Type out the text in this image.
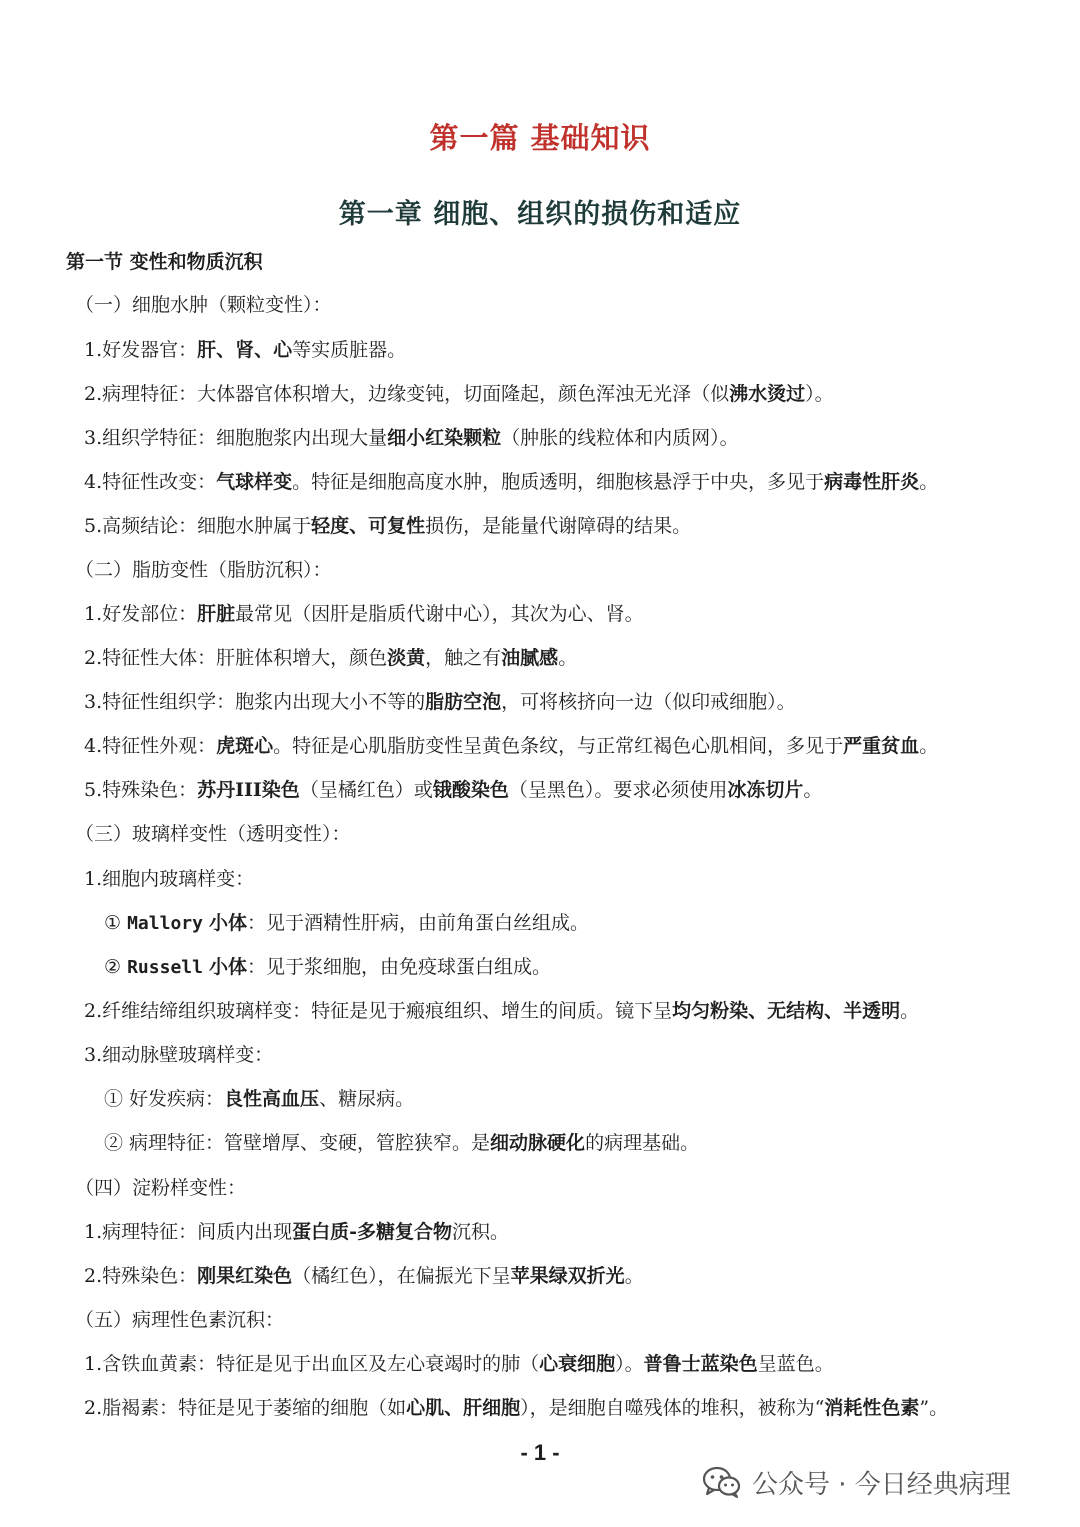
第一篇 基础知识
第一章 细胞、组织的损伤和适应
第一节 变性和物质沉积
（一）细胞水肿（颗粒变性）：
1.好发器官：肝、肾、心等实质脏器。
2.病理特征：大体器官体积增大，边缘变钝，切面隆起，颜色浑浊无光泽（似沸水烫过）。
3.组织学特征：细胞胞浆内出现大量细小红染颗粒（肿胀的线粒体和内质网）。
4.特征性改变：气球样变。特征是细胞高度水肿，胞质透明，细胞核悬浮于中央，多见于病毒性肝炎。
5.高频结论：细胞水肿属于轻度、可复性损伤，是能量代谢障碍的结果。
（二）脂肪变性（脂肪沉积）：
1.好发部位：肝脏最常见（因肝是脂质代谢中心），其次为心、肾。
2.特征性大体：肝脏体积增大，颜色淡黄，触之有油腻感。
3.特征性组织学：胞浆内出现大小不等的脂肪空泡，可将核挤向一边（似印戒细胞）。
4.特征性外观：虎斑心。特征是心肌脂肪变性呈黄色条纹，与正常红褐色心肌相间，多见于严重贫血。
5.特殊染色：苏丹III染色（呈橘红色）或锇酸染色（呈黑色）。要求必须使用冰冻切片。
（三）玻璃样变性（透明变性）：
1.细胞内玻璃样变：
① Mallory 小体：见于酒精性肝病，由前角蛋白丝组成。
② Russell 小体：见于浆细胞，由免疫球蛋白组成。
2.纤维结缔组织玻璃样变：特征是见于瘢痕组织、增生的间质。镜下呈均匀粉染、无结构、半透明。
3.细动脉壁玻璃样变：
① 好发疾病：良性高血压、糖尿病。
② 病理特征：管壁增厚、变硬，管腔狭窄。是细动脉硬化的病理基础。
（四）淀粉样变性：
1.病理特征：间质内出现蛋白质-多糖复合物沉积。
2.特殊染色：刚果红染色（橘红色），在偏振光下呈苹果绿双折光。
（五）病理性色素沉积：
1.含铁血黄素：特征是见于出血区及左心衰竭时的肺（心衰细胞）。普鲁士蓝染色呈蓝色。
2.脂褐素：特征是见于萎缩的细胞（如心肌、肝细胞），是细胞自噬残体的堆积，被称为“消耗性色素”。
- 1 -
公众号 · 今日经典病理
